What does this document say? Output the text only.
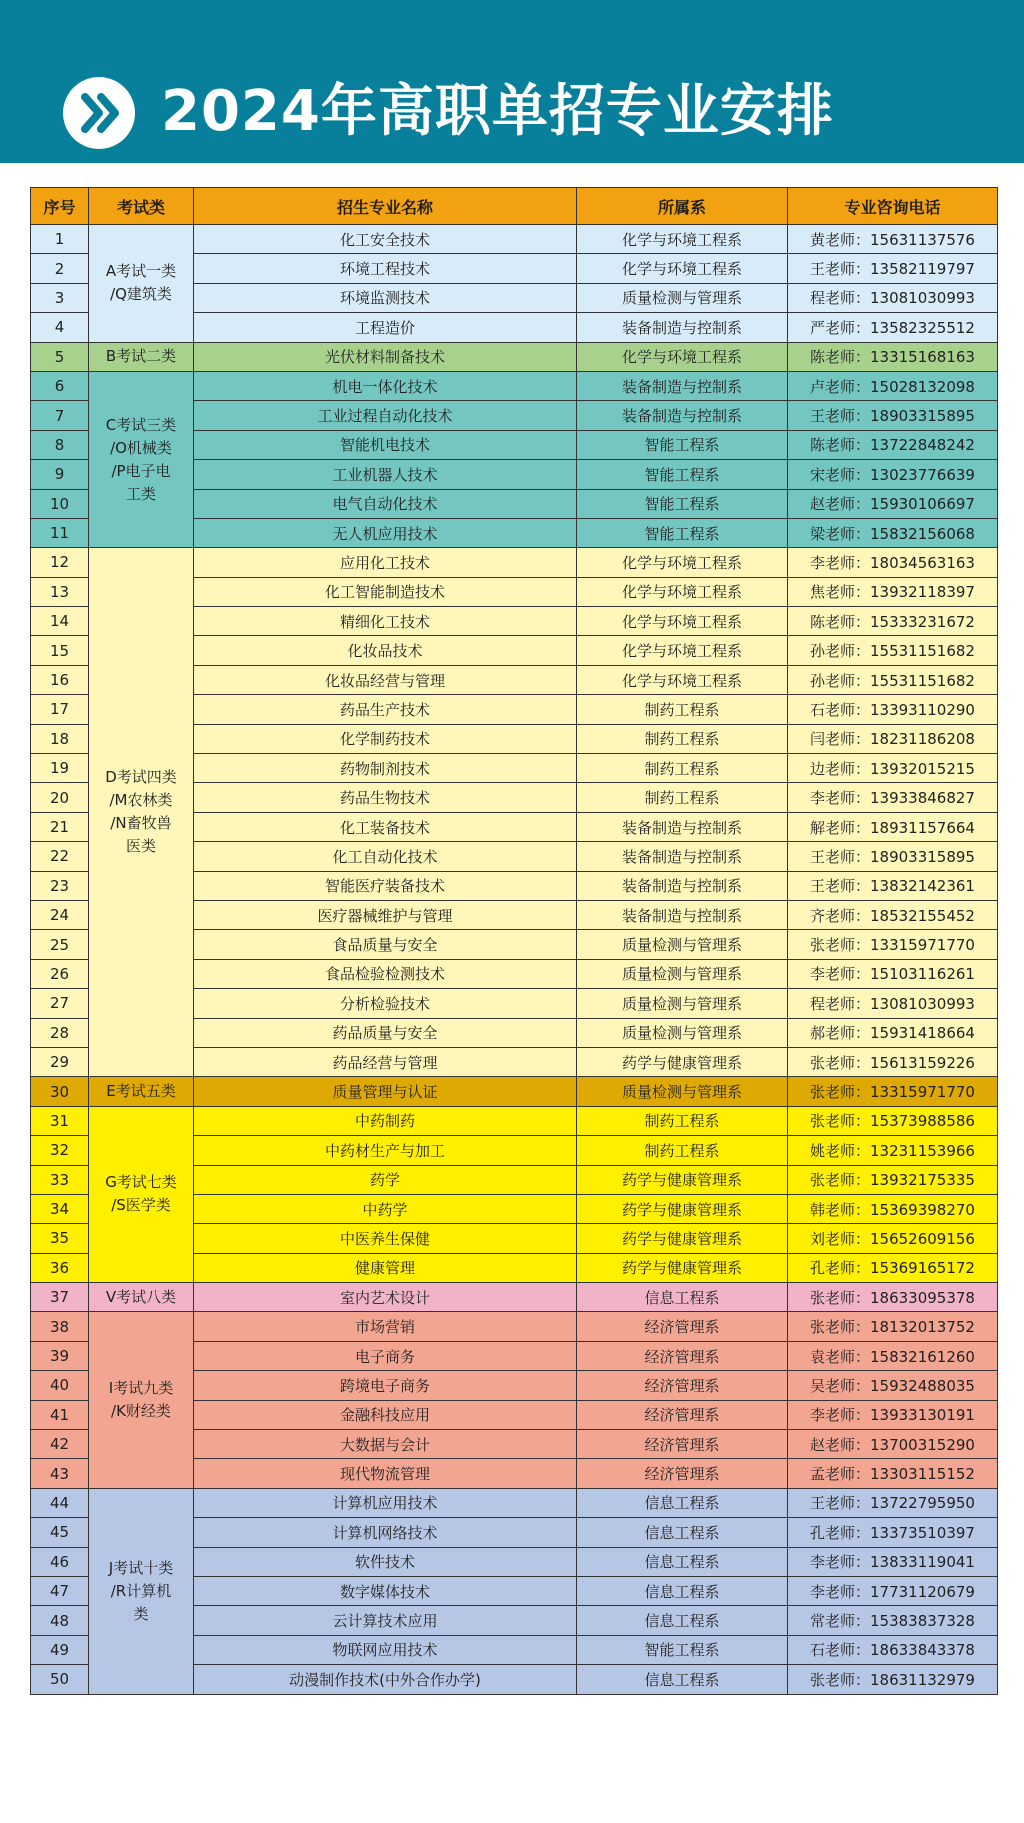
2024年高职单招专业安排
序号	考试类	招生专业名称	所属系	专业咨询电话
1	A考试一类
/Q建筑类	化工安全技术	化学与环境工程系	黄老师：15631137576
2		环境工程技术	化学与环境工程系	王老师：13582119797
3		环境监测技术	质量检测与管理系	程老师：13081030993
4		工程造价	装备制造与控制系	严老师：13582325512
5	B考试二类	光伏材料制备技术	化学与环境工程系	陈老师：13315168163
6	C考试三类
/O机械类
/P电子电
工类	机电一体化技术	装备制造与控制系	卢老师：15028132098
7		工业过程自动化技术	装备制造与控制系	王老师：18903315895
8		智能机电技术	智能工程系	陈老师：13722848242
9		工业机器人技术	智能工程系	宋老师：13023776639
10		电气自动化技术	智能工程系	赵老师：15930106697
11		无人机应用技术	智能工程系	梁老师：15832156068
12	D考试四类
/M农林类
/N畜牧兽
医类	应用化工技术	化学与环境工程系	李老师：18034563163
13		化工智能制造技术	化学与环境工程系	焦老师：13932118397
14		精细化工技术	化学与环境工程系	陈老师：15333231672
15		化妆品技术	化学与环境工程系	孙老师：15531151682
16		化妆品经营与管理	化学与环境工程系	孙老师：15531151682
17		药品生产技术	制药工程系	石老师：13393110290
18		化学制药技术	制药工程系	闫老师：18231186208
19		药物制剂技术	制药工程系	边老师：13932015215
20		药品生物技术	制药工程系	李老师：13933846827
21		化工装备技术	装备制造与控制系	解老师：18931157664
22		化工自动化技术	装备制造与控制系	王老师：18903315895
23		智能医疗装备技术	装备制造与控制系	王老师：13832142361
24		医疗器械维护与管理	装备制造与控制系	齐老师：18532155452
25		食品质量与安全	质量检测与管理系	张老师：13315971770
26		食品检验检测技术	质量检测与管理系	李老师：15103116261
27		分析检验技术	质量检测与管理系	程老师：13081030993
28		药品质量与安全	质量检测与管理系	郝老师：15931418664
29		药品经营与管理	药学与健康管理系	张老师：15613159226
30	E考试五类	质量管理与认证	质量检测与管理系	张老师：13315971770
31	G考试七类
/S医学类	中药制药	制药工程系	张老师：15373988586
32		中药材生产与加工	制药工程系	姚老师：13231153966
33		药学	药学与健康管理系	张老师：13932175335
34		中药学	药学与健康管理系	韩老师：15369398270
35		中医养生保健	药学与健康管理系	刘老师：15652609156
36		健康管理	药学与健康管理系	孔老师：15369165172
37	V考试八类	室内艺术设计	信息工程系	张老师：18633095378
38	I考试九类
/K财经类	市场营销	经济管理系	张老师：18132013752
39		电子商务	经济管理系	袁老师：15832161260
40		跨境电子商务	经济管理系	吴老师：15932488035
41		金融科技应用	经济管理系	李老师：13933130191
42		大数据与会计	经济管理系	赵老师：13700315290
43		现代物流管理	经济管理系	孟老师：13303115152
44	J考试十类
/R计算机
类	计算机应用技术	信息工程系	王老师：13722795950
45		计算机网络技术	信息工程系	孔老师：13373510397
46		软件技术	信息工程系	李老师：13833119041
47		数字媒体技术	信息工程系	李老师：17731120679
48		云计算技术应用	信息工程系	常老师：15383837328
49		物联网应用技术	智能工程系	石老师：18633843378
50		动漫制作技术(中外合作办学)	信息工程系	张老师：18631132979
